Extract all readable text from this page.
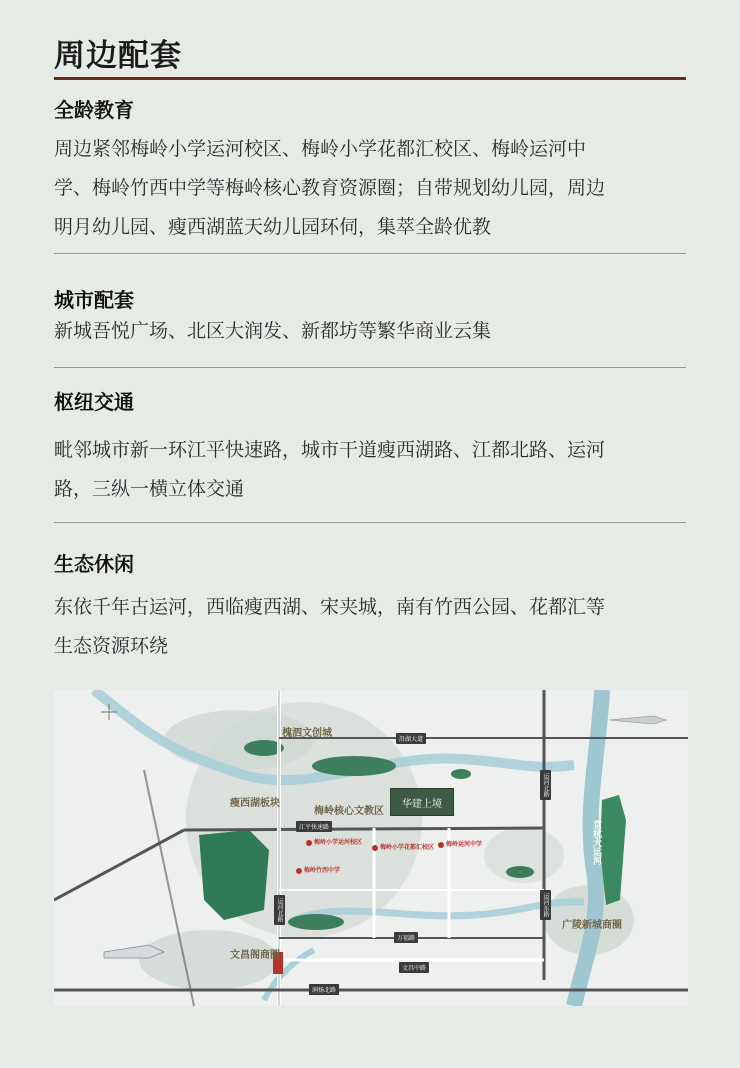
周边配套
全龄教育
周边紧邻梅岭小学运河校区、梅岭小学花都汇校区、梅岭运河中
学、梅岭竹西中学等梅岭核心教育资源圈；自带规划幼儿园，周边
明月幼儿园、瘦西湖蓝天幼儿园环伺，集萃全龄优教
城市配套
新城吾悦广场、北区大润发、新都坊等繁华商业云集
枢纽交通
毗邻城市新一环江平快速路，城市干道瘦西湖路、江都北路、运河
路，三纵一横立体交通
生态休闲
东依千年古运河，西临瘦西湖、宋夹城，南有竹西公园、花都汇等
生态资源环绕
槐泗文创城
瘦西湖板块
梅岭核心文教区
文昌阁商圈
广陵新城商圈
京杭大运河
华建上境
江平快速路
万福路
文昌中路
润扬北路
沿湖大道
运河北路
运河东路
运河北路
梅岭小学运河校区
梅岭小学花都汇校区 梅岭运河中学
梅岭竹西中学
